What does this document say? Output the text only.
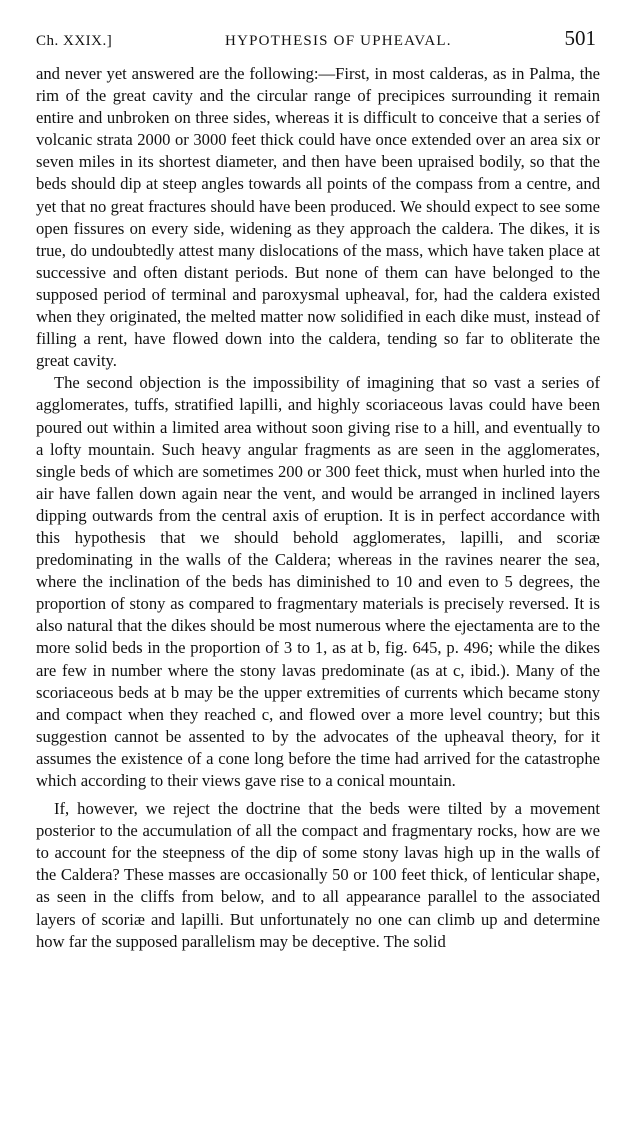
Ch. XXIX.]	HYPOTHESIS OF UPHEAVAL.	501

and never yet answered are the following:—First, in most calderas, as in Palma, the rim of the great cavity and the circular range of precipices surrounding it remain entire and unbroken on three sides, whereas it is difficult to conceive that a series of volcanic strata 2000 or 3000 feet thick could have once extended over an area six or seven miles in its shortest diameter, and then have been upraised bodily, so that the beds should dip at steep angles towards all points of the compass from a centre, and yet that no great fractures should have been produced. We should expect to see some open fissures on every side, widening as they approach the caldera. The dikes, it is true, do undoubtedly attest many dislocations of the mass, which have taken place at successive and often distant periods. But none of them can have belonged to the supposed period of terminal and paroxysmal upheaval, for, had the caldera existed when they originated, the melted matter now solidified in each dike must, instead of filling a rent, have flowed down into the caldera, tending so far to obliterate the great cavity.

The second objection is the impossibility of imagining that so vast a series of agglomerates, tuffs, stratified lapilli, and highly scoriaceous lavas could have been poured out within a limited area without soon giving rise to a hill, and eventually to a lofty mountain. Such heavy angular fragments as are seen in the agglomerates, single beds of which are sometimes 200 or 300 feet thick, must when hurled into the air have fallen down again near the vent, and would be arranged in inclined layers dipping outwards from the central axis of eruption. It is in perfect accordance with this hypothesis that we should behold agglomerates, lapilli, and scoriæ predominating in the walls of the Caldera; whereas in the ravines nearer the sea, where the inclination of the beds has diminished to 10 and even to 5 degrees, the proportion of stony as compared to fragmentary materials is precisely reversed. It is also natural that the dikes should be most numerous where the ejectamenta are to the more solid beds in the proportion of 3 to 1, as at b, fig. 645, p. 496; while the dikes are few in number where the stony lavas predominate (as at c, ibid.). Many of the scoriaceous beds at b may be the upper extremities of currents which became stony and compact when they reached c, and flowed over a more level country; but this suggestion cannot be assented to by the advocates of the upheaval theory, for it assumes the existence of a cone long before the time had arrived for the catastrophe which according to their views gave rise to a conical mountain.

If, however, we reject the doctrine that the beds were tilted by a movement posterior to the accumulation of all the compact and fragmentary rocks, how are we to account for the steepness of the dip of some stony lavas high up in the walls of the Caldera? These masses are occasionally 50 or 100 feet thick, of lenticular shape, as seen in the cliffs from below, and to all appearance parallel to the associated layers of scoriæ and lapilli. But unfortunately no one can climb up and determine how far the supposed parallelism may be deceptive. The solid
